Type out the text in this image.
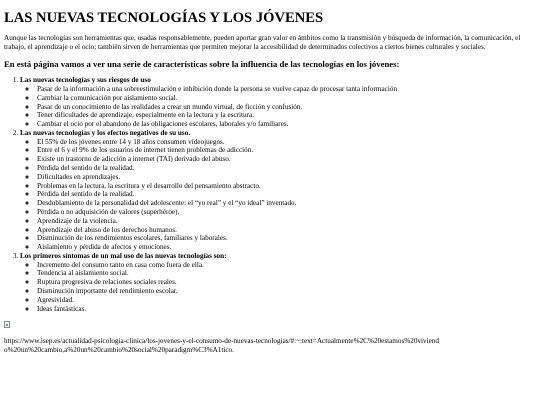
LAS NUEVAS TECNOLOGÍAS Y LOS JÓVENES

Aunque las tecnologías son herramientas que, usadas responsablemente, pueden aportar gran valor en ámbitos como la transmisión y búsqueda de información, la comunicación, el trabajo, el aprendizaje o el ocio; también sirven de herramientas que permiten mejorar la accesibilidad de determinados colectivos a ciertos bienes culturales y sociales.

En está página vamos a ver una serie de características sobre la influencia de las tecnologías en los jóvenes:
1. Las nuevas tecnologías y sus riesgos de uso
◦ Pasar de la información a una sobreestimulación e inhibición donde la persona se vuelve capaz de procesar tanta información
◦ Cambiar la comunicación por aislamiento social.
◦ Pasar de un conocimiento de las realidades a crear un mundo virtual, de ficción y confusión.
◦ Tener dificultades de aprendizaje, especialmente en la lectura y la escritura.
◦ Cambiar el ocio por el abandono de las obligaciones escolares, laborales y/o familiares.
2. Las nuevas tecnologías y los efectos negativos de su uso.
◦ El 55% de los jóvenes entre 14 y 18 años consumen videojuegos.
◦ Entre el 6 y el 9% de los usuarios de internet tienen problemas de adicción.
◦ Existe un trastorno de adicción a internet (TAI) derivado del abuso.
◦ Pérdida del sentido de la realidad.
◦ Dificultades en aprendizajes.
◦ Problemas en la lectura, la escritura y el desarrollo del pensamiento abstracto.
◦ Pérdida del sentido de la realidad.
◦ Desdoblamiento de la personalidad del adolescente: el “yo real” y el “yo ideal” inventado.
◦ Pérdida o no adquisición de valores (superhéroe).
◦ Aprendizaje de la violencia.
◦ Aprendizaje del abuso de los derechos humanos.
◦ Disminución de los rendimientos escolares, familiares y laborales.
◦ Aislamiento y pérdida de afectos y emociones.
3. Los primeros síntomas de un mal uso de las nuevas tecnologías son:
◦ Incremento del consumo tanto en casa como fuera de ella.
◦ Tendencia al aislamiento social.
◦ Ruptura progresiva de relaciones sociales reales.
◦ Disminución importante del rendimiento escolar.
◦ Agresividad.
◦ Ideas fantásticas.

https://www.isep.es/actualidad-psicologia-clinica/los-jovenes-y-el-consumo-de-nuevas-tecnologias/#:~:text=Actualmente%2C%20estamos%20viviendo%20un%20cambio,a%20un%20cambio%20social%20paradigm%C3%A1tico.
